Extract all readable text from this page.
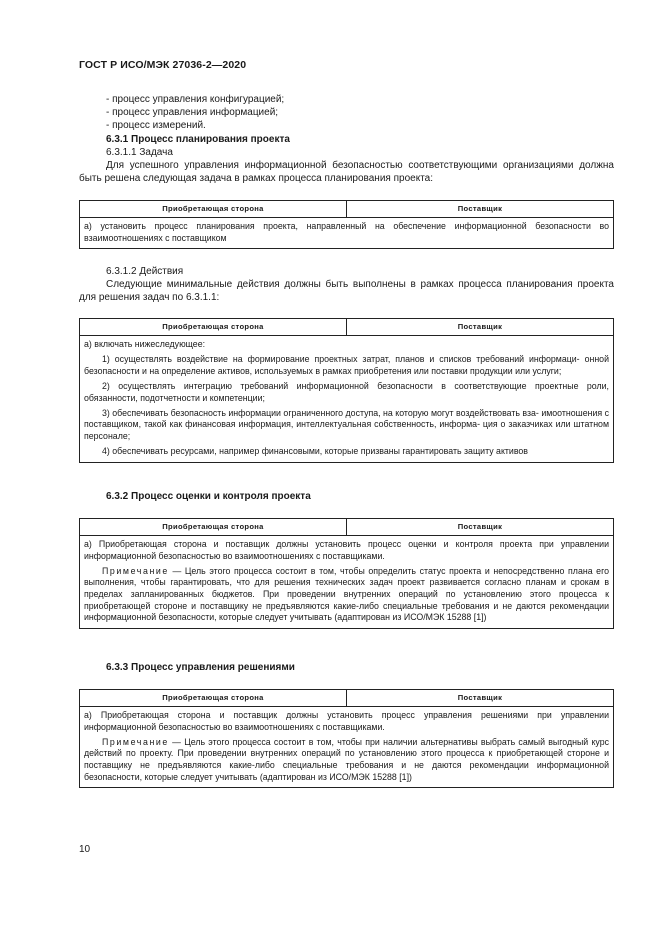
ГОСТ Р ИСО/МЭК 27036-2—2020

- процесс управления конфигурацией;

- процесс управления информацией;

- процесс измерений.

6.3.1 Процесс планирования проекта
6.3.1.1 Задача
Для успешного управления информационной безопасностью соответствующими организациями должна быть решена следующая задача в рамках процесса планирования проекта:
Приобретающая сторона	Поставщик
а) установить процесс планирования проекта, направленный на обеспечение информационной безопасности во взаимоотношениях с поставщиком
6.3.1.2 Действия
Следующие минимальные действия должны быть выполнены в рамках процесса планирования проекта для решения задач по 6.3.1.1:
Приобретающая сторона	Поставщик

а) включать нижеследующее:

1) осуществлять воздействие на формирование проектных затрат, планов и списков требований информаци- онной безопасности и на определение активов, используемых в рамках приобретения или поставки продукции или услуги;

2) осуществлять интеграцию требований информационной безопасности в соответствующие проектные роли, обязанности, подотчетности и компетенции;

3) обеспечивать безопасность информации ограниченного доступа, на которую могут воздействовать вза- имоотношения с поставщиком, такой как финансовая информация, интеллектуальная собственность, информа- ция о заказчиках или штатном персонале;

4) обеспечивать ресурсами, например финансовыми, которые призваны гарантировать защиту активов

6.3.2 Процесс оценки и контроля проекта
Приобретающая сторона	Поставщик

а) Приобретающая сторона и поставщик должны установить процесс оценки и контроля проекта при управлении информационной безопасностью во взаимоотношениях с поставщиками.

Примечание — Цель этого процесса состоит в том, чтобы определить статус проекта и непосредственно плана его выполнения, чтобы гарантировать, что для решения технических задач проект развивается согласно планам и срокам в пределах запланированных бюджетов. При проведении внутренних операций по установлению этого процесса к приобретающей стороне и поставщику не предъявляются какие-либо специальные требования и не даются рекомендации информационной безопасности, которые следует учитывать (адаптирован из ИСО/МЭК 15288 [1])

6.3.3 Процесс управления решениями
Приобретающая сторона	Поставщик

а) Приобретающая сторона и поставщик должны установить процесс управления решениями при управлении информационной безопасностью во взаимоотношениях с поставщиками.

Примечание — Цель этого процесса состоит в том, чтобы при наличии альтернативы выбрать самый выгодный курс действий по проекту. При проведении внутренних операций по установлению этого процесса к приобретающей стороне и поставщику не предъявляются какие-либо специальные требования и не даются рекомендации информационной безопасности, которые следует учитывать (адаптирован из ИСО/МЭК 15288 [1])

10
